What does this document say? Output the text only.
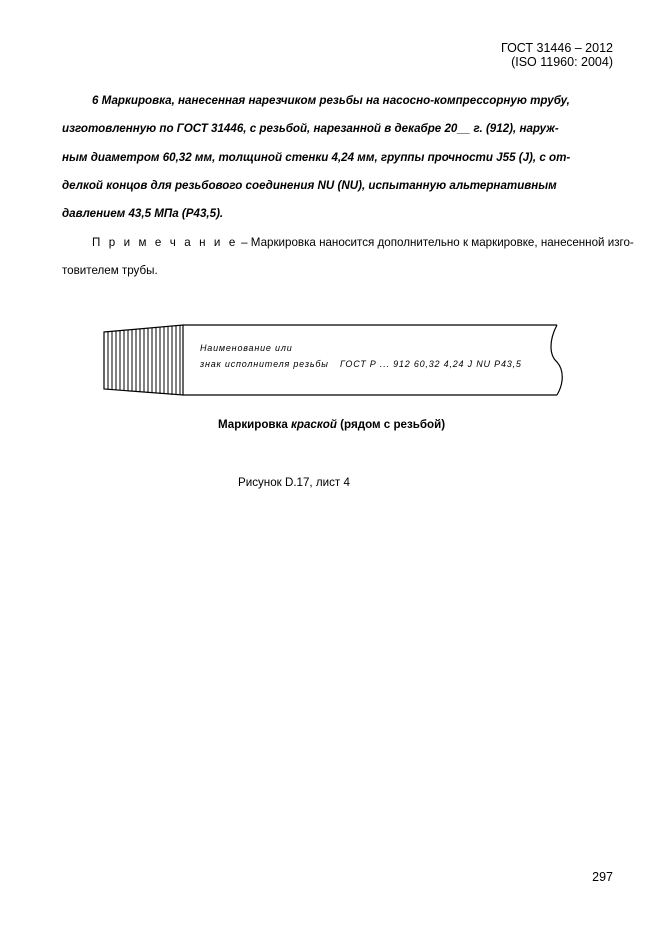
ГОСТ 31446 – 2012
(ISO 11960: 2004)
6 Маркировка, нанесенная нарезчиком резьбы на насосно-компрессорную трубу,
изготовленную по ГОСТ 31446, с резьбой, нарезанной в декабре 20__ г. (912), наруж-
ным диаметром 60,32 мм, толщиной стенки 4,24 мм, группы прочности J55 (J), с от-
делкой концов для резьбового соединения NU (NU), испытанную альтернативным
давлением 43,5 МПа (P43,5).
П р и м е ч а н и е – Маркировка наносится дополнительно к маркировке, нанесенной изго-
товителем трубы.
Наименование или
знак исполнителя резьбы ГОСТ Р ... 912 60,32 4,24 J NU P43,5
Маркировка краской (рядом с резьбой)
Рисунок D.17, лист 4
297
